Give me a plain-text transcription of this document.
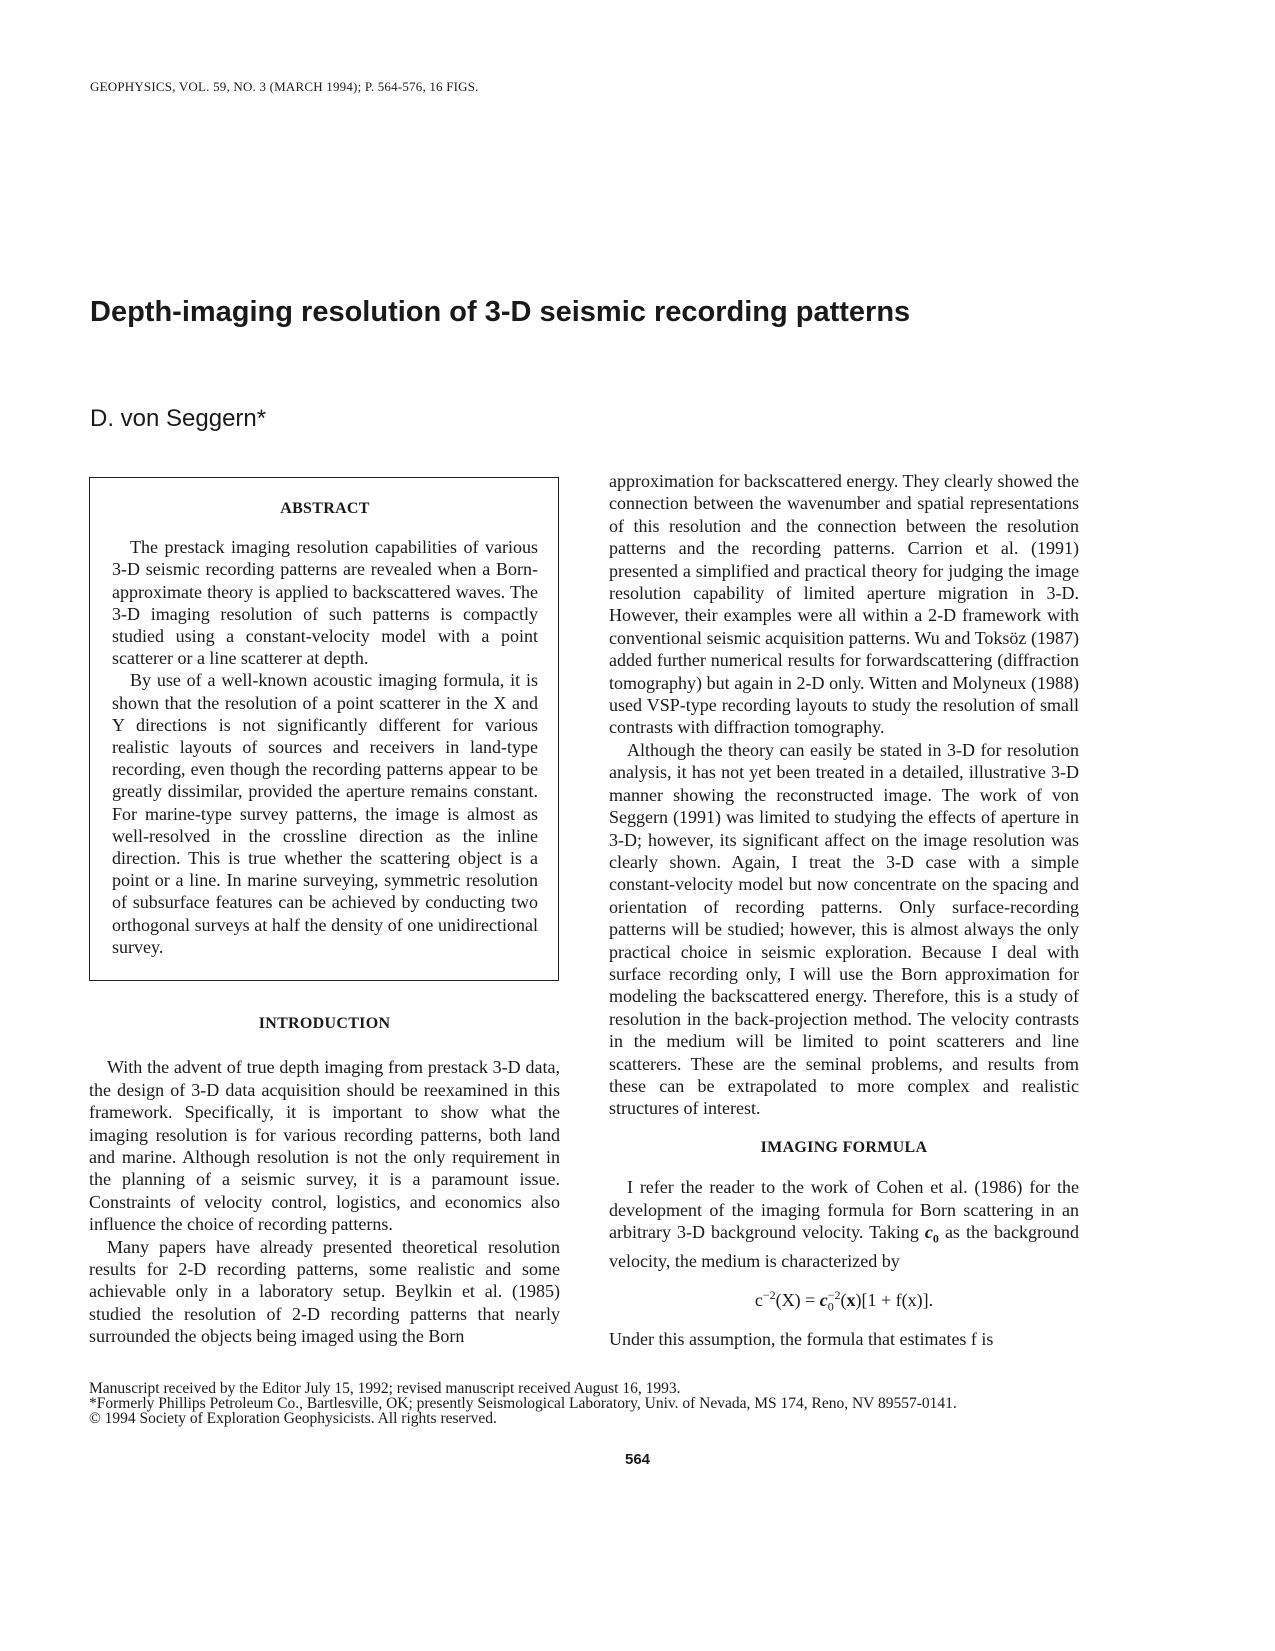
GEOPHYSICS, VOL. 59, NO. 3 (MARCH 1994); P. 564-576, 16 FIGS.
Depth-imaging resolution of 3-D seismic recording patterns
D. von Seggern*

ABSTRACT

The prestack imaging resolution capabilities of various 3-D seismic recording patterns are revealed when a Born-approximate theory is applied to backscattered waves. The 3-D imaging resolution of such patterns is compactly studied using a constant-velocity model with a point scatterer or a line scatterer at depth.

By use of a well-known acoustic imaging formula, it is shown that the resolution of a point scatterer in the X and Y directions is not significantly different for various realistic layouts of sources and receivers in land-type recording, even though the recording patterns appear to be greatly dissimilar, provided the aperture remains constant. For marine-type survey patterns, the image is almost as well-resolved in the crossline direction as the inline direction. This is true whether the scattering object is a point or a line. In marine surveying, symmetric resolution of subsurface features can be achieved by conducting two orthogonal surveys at half the density of one unidirectional survey.

INTRODUCTION

With the advent of true depth imaging from prestack 3-D data, the design of 3-D data acquisition should be reexamined in this framework. Specifically, it is important to show what the imaging resolution is for various recording patterns, both land and marine. Although resolution is not the only requirement in the planning of a seismic survey, it is a paramount issue. Constraints of velocity control, logistics, and economics also influence the choice of recording patterns.

Many papers have already presented theoretical resolution results for 2-D recording patterns, some realistic and some achievable only in a laboratory setup. Beylkin et al. (1985) studied the resolution of 2-D recording patterns that nearly surrounded the objects being imaged using the Born

approximation for backscattered energy. They clearly showed the connection between the wavenumber and spatial representations of this resolution and the connection between the resolution patterns and the recording patterns. Carrion et al. (1991) presented a simplified and practical theory for judging the image resolution capability of limited aperture migration in 3-D. However, their examples were all within a 2-D framework with conventional seismic acquisition patterns. Wu and Toksöz (1987) added further numerical results for forwardscattering (diffraction tomography) but again in 2-D only. Witten and Molyneux (1988) used VSP-type recording layouts to study the resolution of small contrasts with diffraction tomography.

Although the theory can easily be stated in 3-D for resolution analysis, it has not yet been treated in a detailed, illustrative 3-D manner showing the reconstructed image. The work of von Seggern (1991) was limited to studying the effects of aperture in 3-D; however, its significant affect on the image resolution was clearly shown. Again, I treat the 3-D case with a simple constant-velocity model but now concentrate on the spacing and orientation of recording patterns. Only surface-recording patterns will be studied; however, this is almost always the only practical choice in seismic exploration. Because I deal with surface recording only, I will use the Born approximation for modeling the backscattered energy. Therefore, this is a study of resolution in the back-projection method. The velocity contrasts in the medium will be limited to point scatterers and line scatterers. These are the seminal problems, and results from these can be extrapolated to more complex and realistic structures of interest.

IMAGING FORMULA

I refer the reader to the work of Cohen et al. (1986) for the development of the imaging formula for Born scattering in an arbitrary 3-D background velocity. Taking $c_0$ as the background velocity, the medium is characterized by

$c^{-2}(X) = c_0^{-2}(x)[1 + f(x)]$.

Under this assumption, the formula that estimates f is

Manuscript received by the Editor July 15, 1992; revised manuscript received August 16, 1993.
*Formerly Phillips Petroleum Co., Bartlesville, OK; presently Seismological Laboratory, Univ. of Nevada, MS 174, Reno, NV 89557-0141.
© 1994 Society of Exploration Geophysicists. All rights reserved.
564
